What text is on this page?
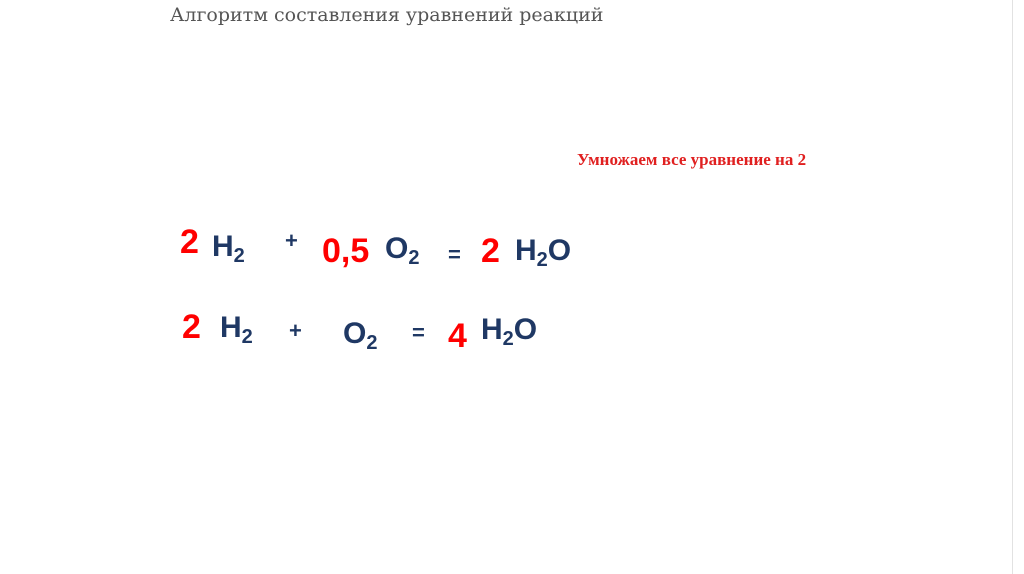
Алгоритм составления уравнений реакций
Умножаем все уравнение на 2
2 $H_2$
+ 0,5 $O_2 = 2$ $H_2O$
2 $H_2 + O_2 = 4$ $H_2O$
